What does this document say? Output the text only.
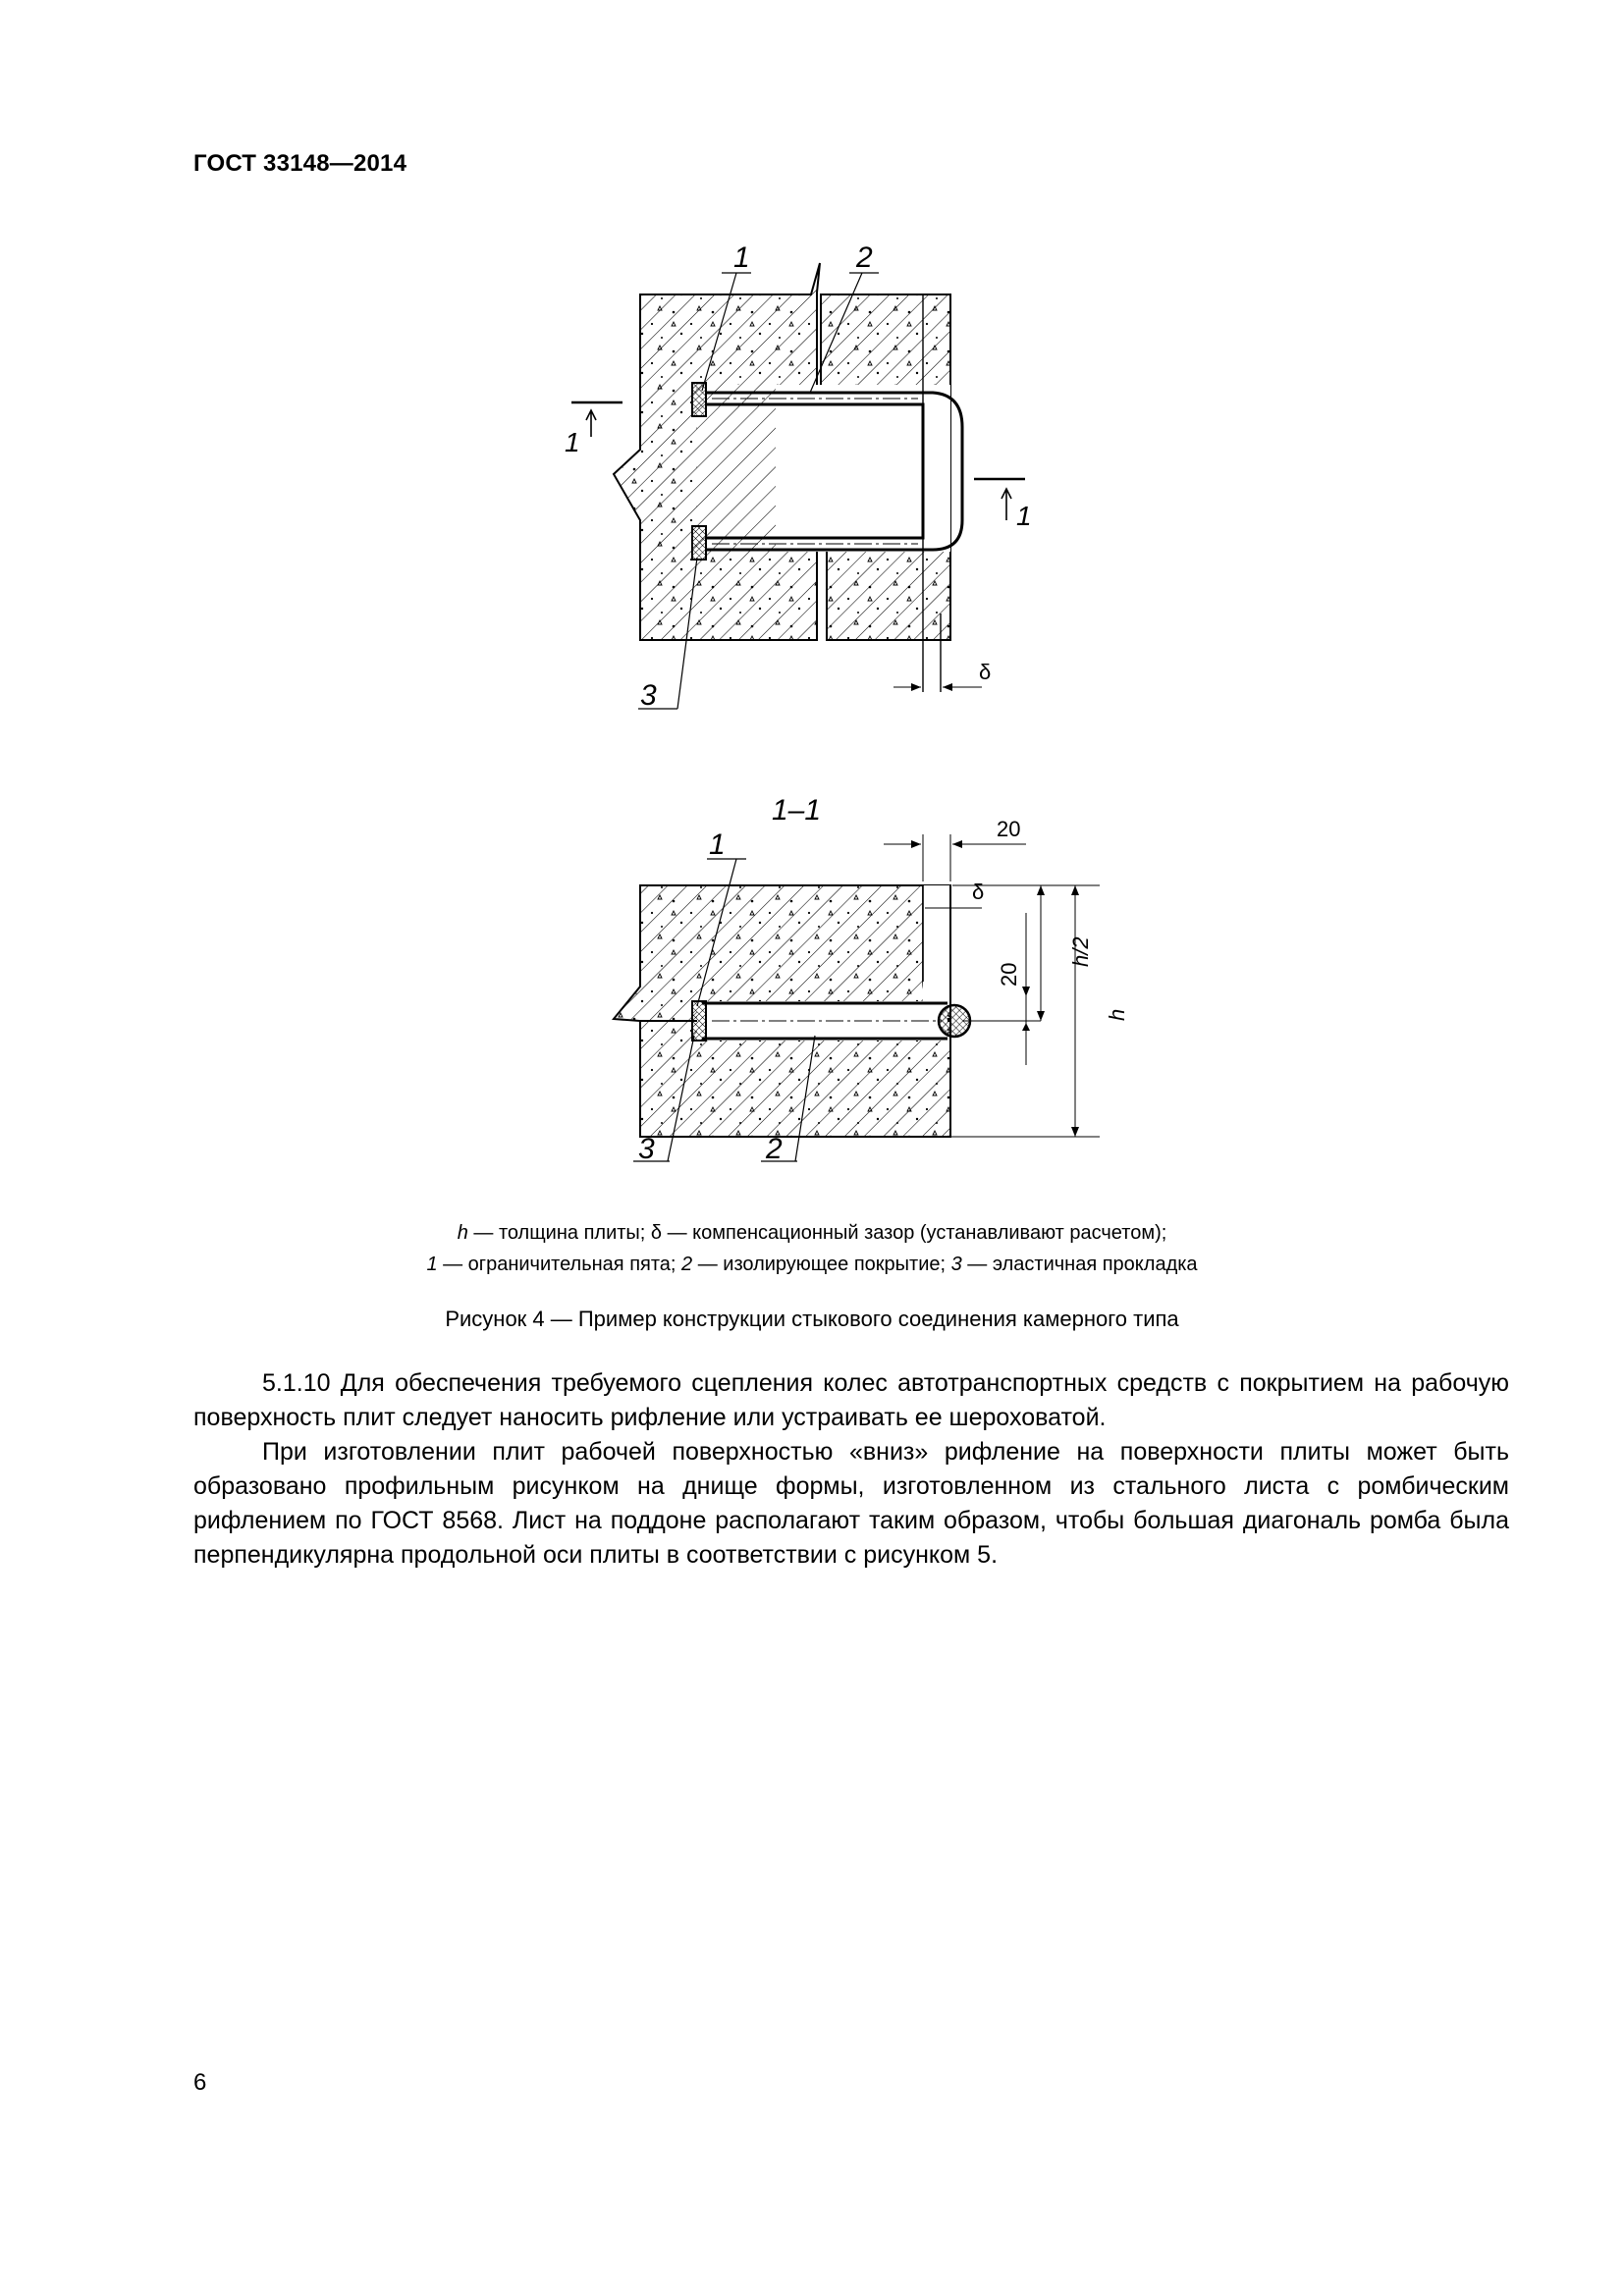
ГОСТ 33148—2014
1
1
1	2
3
δ
1–1
1
3	2
20
δ
20
h/2
h
h — толщина плиты; δ — компенсационный зазор (устанавливают расчетом);
1 — ограничительная пята; 2 — изолирующее покрытие; 3 — эластичная прокладка
Рисунок 4 — Пример конструкции стыкового соединения камерного типа

5.1.10 Для обеспечения требуемого сцепления колес автотранспортных средств с покрытием на рабочую поверхность плит следует наносить рифление или устраивать ее шероховатой.

При изготовлении плит рабочей поверхностью «вниз» рифление на поверхности плиты может быть образовано профильным рисунком на днище формы, изготовленном из стального листа с ромбическим рифлением по ГОСТ 8568. Лист на поддоне располагают таким образом, чтобы большая диагональ ромба была перпендикулярна продольной оси плиты в соответствии с рисунком 5.

6
